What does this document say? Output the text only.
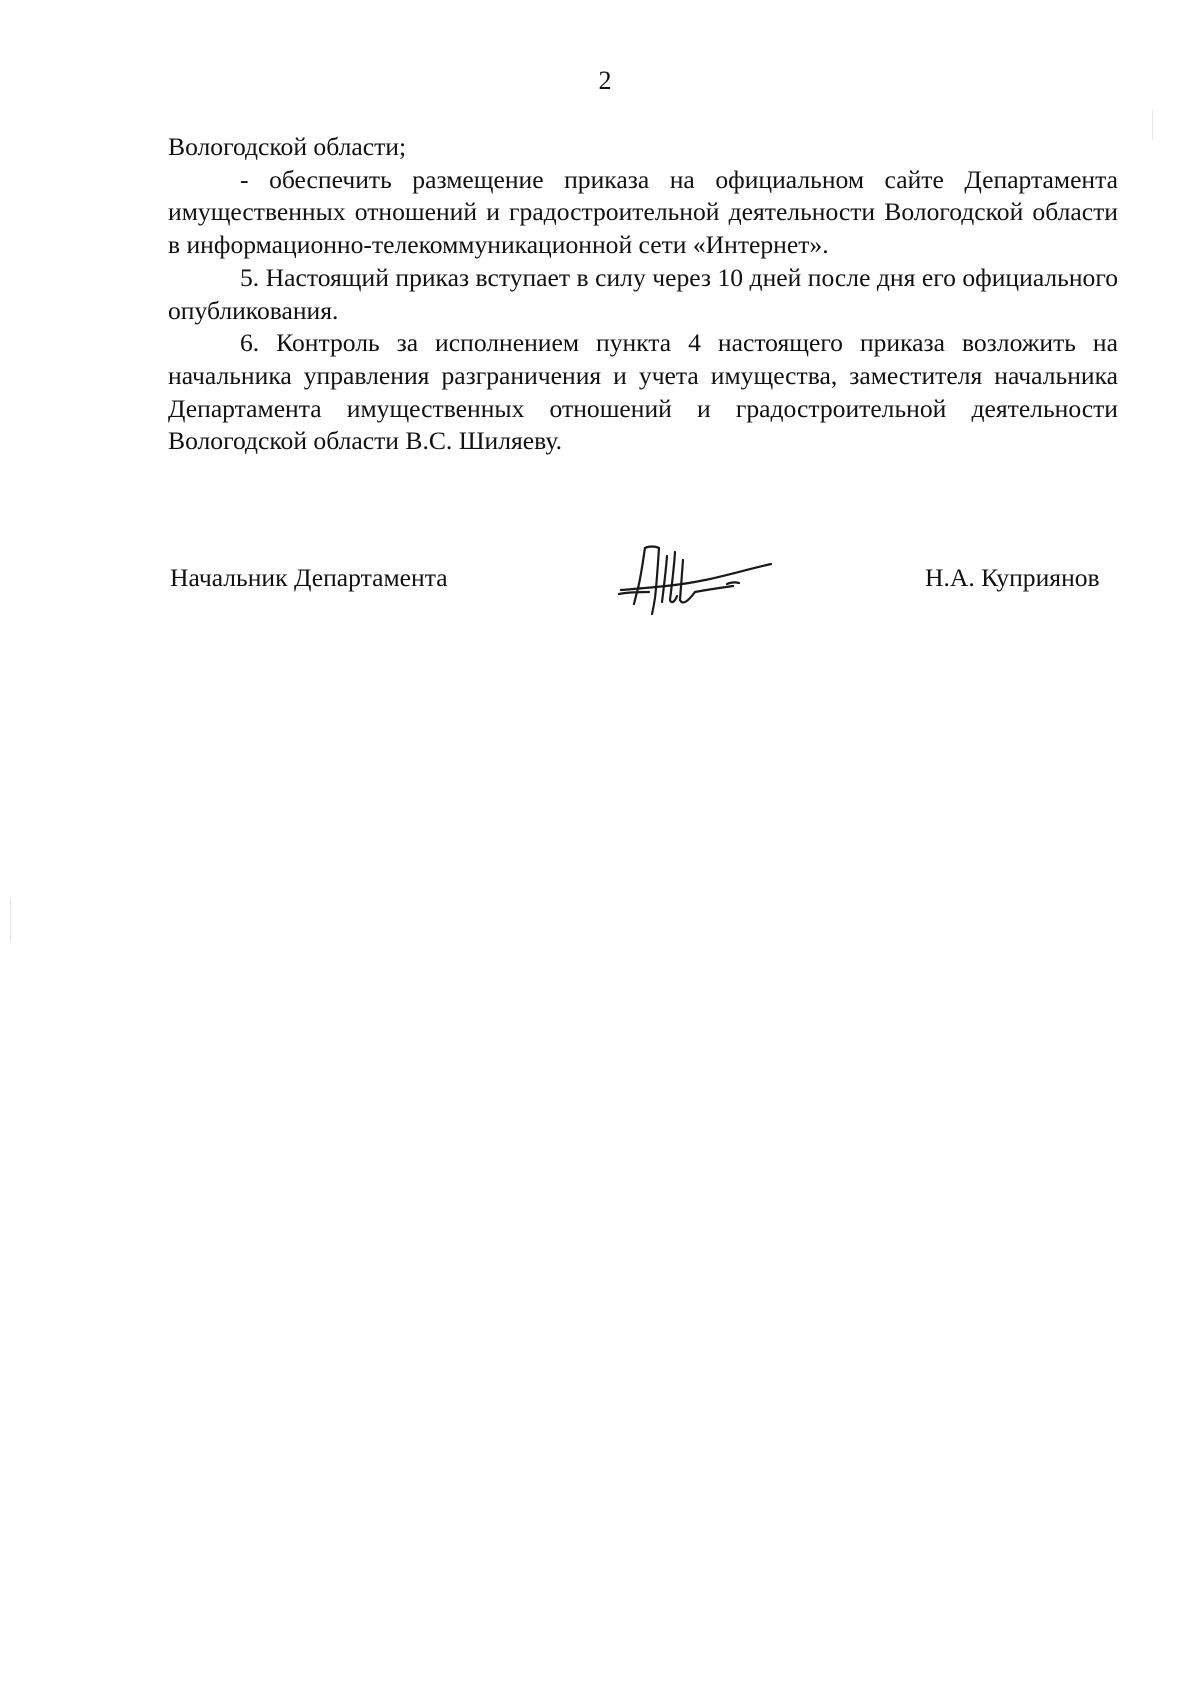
2

Вологодской области;

- обеспечить размещение приказа на официальном сайте Департамента имущественных отношений и градостроительной деятельности Вологодской области в информационно-телекоммуникационной сети «Интернет».

5. Настоящий приказ вступает в силу через 10 дней после дня его официального опубликования.

6. Контроль за исполнением пункта 4 настоящего приказа возложить на начальника управления разграничения и учета имущества, заместителя начальника Департамента имущественных отношений и градостроительной деятельности Вологодской области В.С. Шиляеву.

Начальник Департамента	Н.А. Куприянов
